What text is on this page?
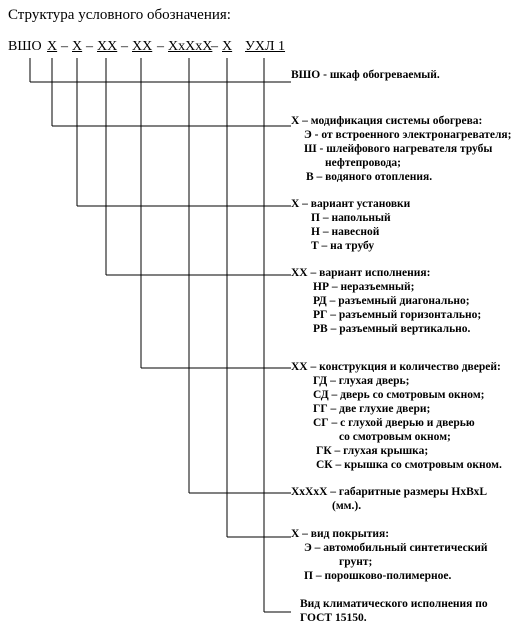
Структура условного обозначения:
ВШО Х – Х – ХХ – ХХ – ХхХхХ
– Х УХЛ 1
ВШО - шкаф обогреваемый.
Х – модификация системы обогрева:
Э - от встроенного электронагревателя;
Ш - шлейфового нагревателя трубы
нефтепровода;
В – водяного отопления.
Х – вариант установки
П – напольный
Н – навесной
Т – на трубу
ХХ – вариант исполнения:
НР – неразъемный;
РД – разъемный диагонально;
РГ – разъемный горизонтально;
РВ – разъемный вертикально.
ХХ – конструкция и количество дверей:
ГД – глухая дверь;
СД – дверь со смотровым окном;
ГГ – две глухие двери;
СГ – с глухой дверью и дверью
со смотровым окном;
ГК – глухая крышка;
СК – крышка со смотровым окном.
ХхХхХ – габаритные размеры НхВхL
(мм.).
Х – вид покрытия:
Э – автомобильный синтетический
грунт;
П – порошково-полимерное.
Вид климатического исполнения по
ГОСТ 15150.
